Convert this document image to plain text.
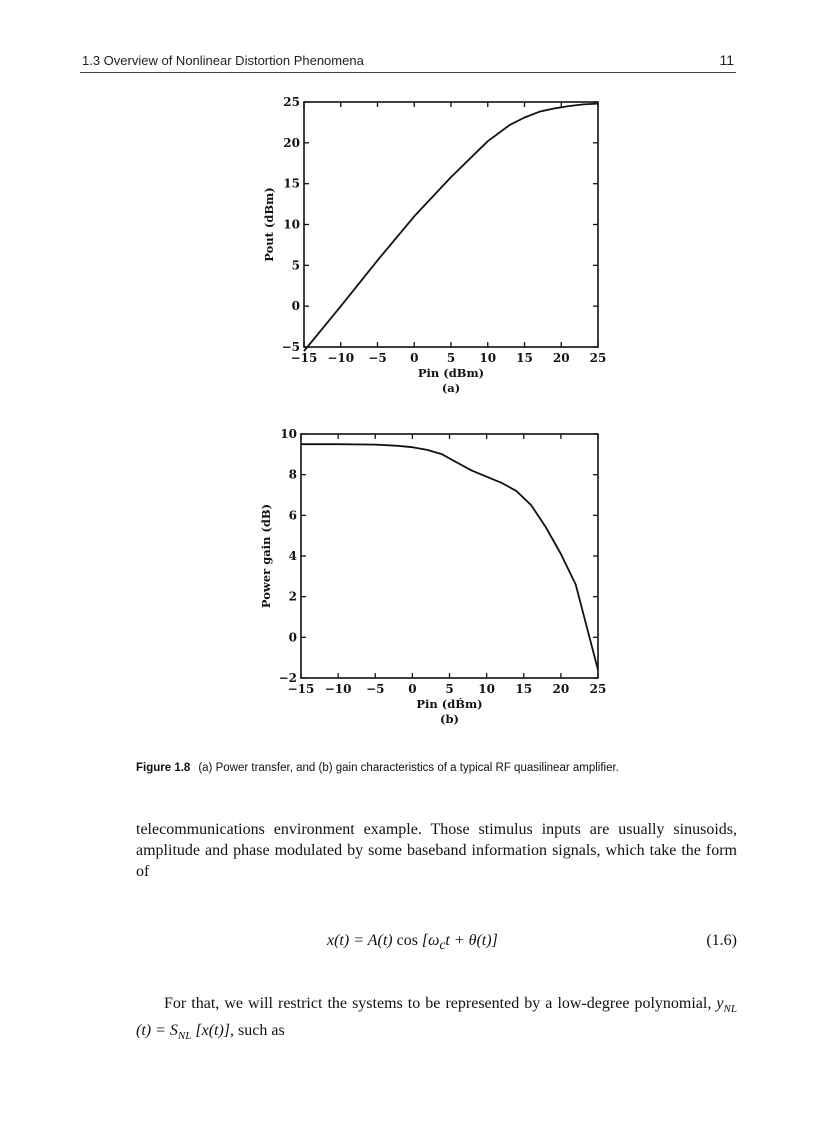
1.3 Overview of Nonlinear Distortion Phenomena	11
−15 −10 −5 0 5 10 15 20 25
−5
0
5
10
15
20
25
Pin (dBm)
(a)
Pout (dBm)
−15 −10 −5 0 5 10 15 20 25
−2
0
2
4
6
8
10
Pin (dB́m)
(b)
Power gain (dB)
Figure 1.8 (a) Power transfer, and (b) gain characteristics of a typical RF quasilinear amplifier.
telecommunications environment example. Those stimulus inputs are usually sinusoids, amplitude and phase modulated by some baseband information signals, which take the form of
x(t) = A(t) $\cos [\omega_ct + \theta(t)]$	(1.6)
For that, we will restrict the systems to be represented by a low-degree polynomial, $y_{NL}$ $(t) = S_{NL}$ [x(t)], such as
